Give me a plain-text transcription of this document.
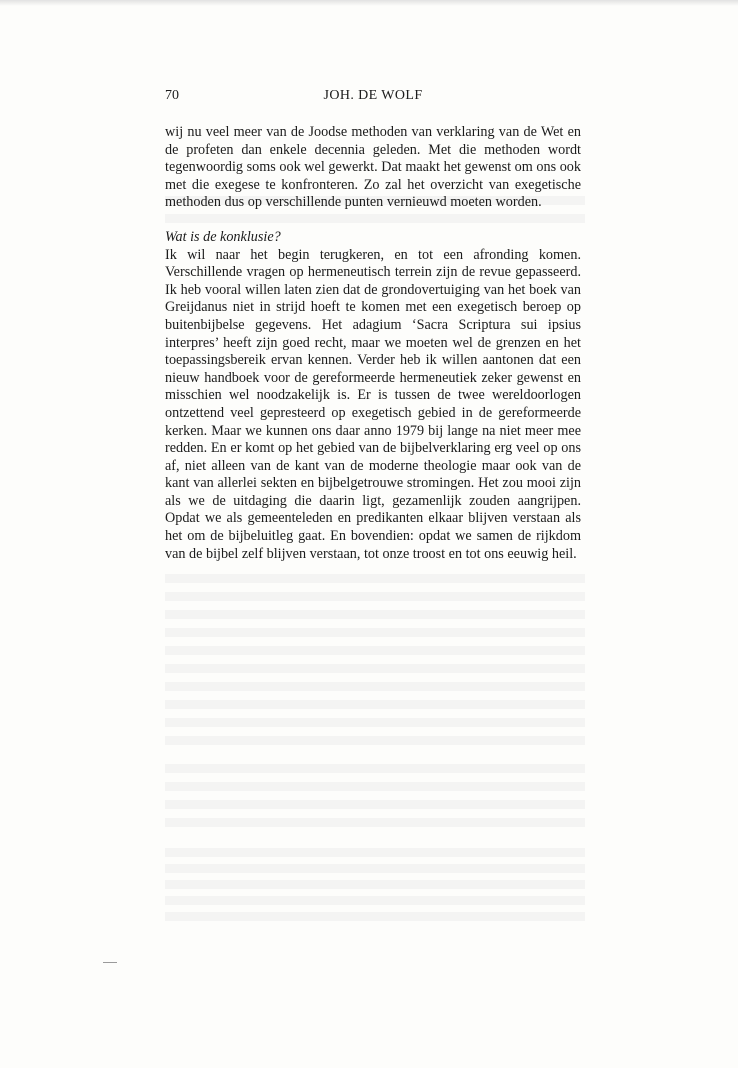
70	JOH. DE WOLF

wij nu veel meer van de Joodse methoden van verklaring van de Wet en de profeten dan enkele decennia geleden. Met die methoden wordt tegenwoordig soms ook wel gewerkt. Dat maakt het gewenst om ons ook met die exegese te konfronteren. Zo zal het overzicht van exegetische methoden dus op verschillende punten vernieuwd moeten worden.

Wat is de konklusie?

Ik wil naar het begin terugkeren, en tot een afronding komen. Verschillende vragen op hermeneutisch terrein zijn de revue gepasseerd. Ik heb vooral willen laten zien dat de grondovertuiging van het boek van Greijdanus niet in strijd hoeft te komen met een exegetisch beroep op buitenbijbelse gegevens. Het adagium ‘Sacra Scriptura sui ipsius interpres’ heeft zijn goed recht, maar we moeten wel de grenzen en het toepassingsbereik ervan kennen. Verder heb ik willen aantonen dat een nieuw handboek voor de gereformeerde hermeneutiek zeker gewenst en misschien wel noodzakelijk is. Er is tussen de twee wereldoorlogen ontzettend veel gepresteerd op exegetisch gebied in de gereformeerde kerken. Maar we kunnen ons daar anno 1979 bij lange na niet meer mee redden. En er komt op het gebied van de bijbelverklaring erg veel op ons af, niet alleen van de kant van de moderne theologie maar ook van de kant van allerlei sekten en bijbelgetrouwe stromingen. Het zou mooi zijn als we de uitdaging die daarin ligt, gezamenlijk zouden aangrijpen. Opdat we als gemeenteleden en predikanten elkaar blijven verstaan als het om de bijbeluitleg gaat. En bovendien: opdat we samen de rijkdom van de bijbel zelf blijven verstaan, tot onze troost en tot ons eeuwig heil.
